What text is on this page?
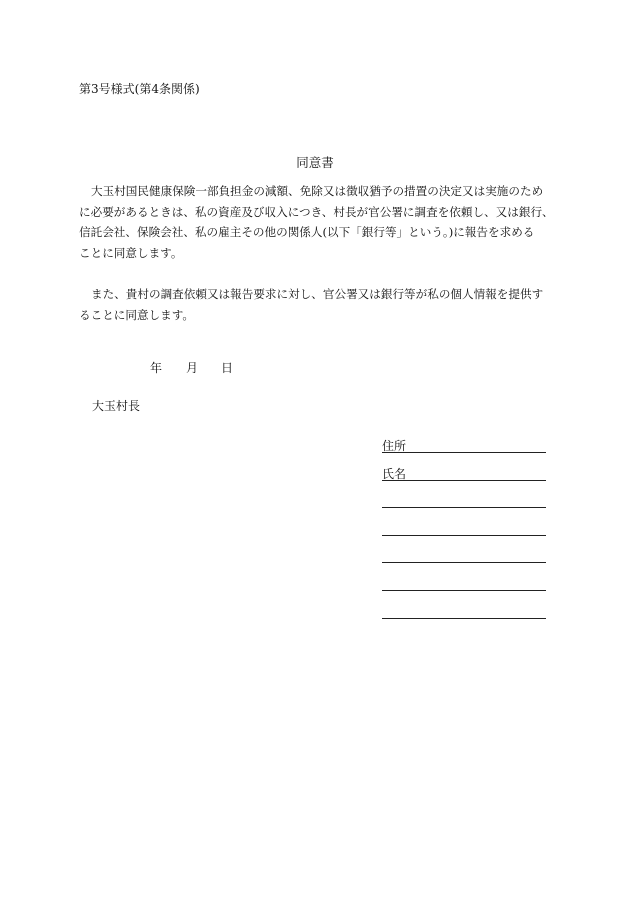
第3号様式(第4条関係)
同意書
大玉村国民健康保険一部負担金の減額、免除又は徴収猶予の措置の決定又は実施のため
に必要があるときは、私の資産及び収入につき、村長が官公署に調査を依頼し、又は銀行、
信託会社、保険会社、私の雇主その他の関係人(以下「銀行等」という。)に報告を求める
ことに同意します。
また、貴村の調査依頼又は報告要求に対し、官公署又は銀行等が私の個人情報を提供す
ることに同意します。
年 月 日
大玉村長
住所
氏名
